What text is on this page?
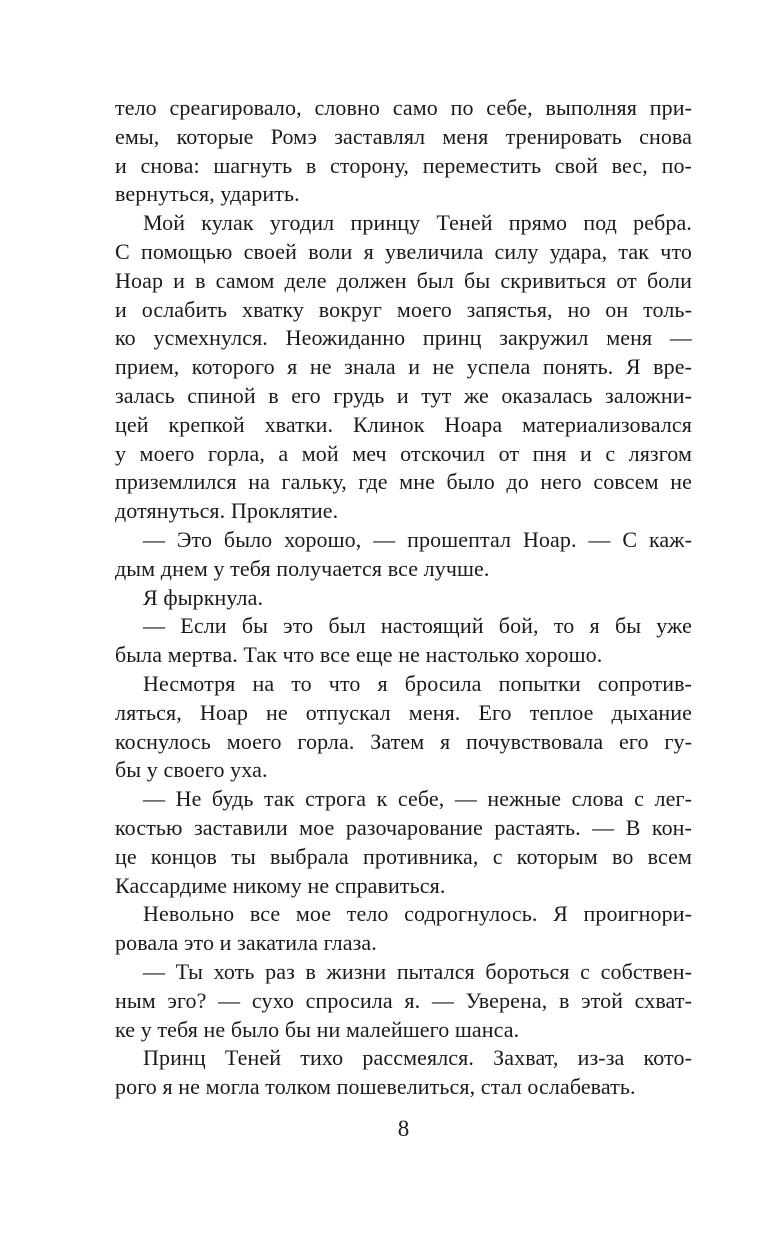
тело среагировало, словно само по себе, выполняя при-
емы, которые Ромэ заставлял меня тренировать снова
и снова: шагнуть в сторону, переместить свой вес, по-
вернуться, ударить.

Мой кулак угодил принцу Теней прямо под ребра.
С помощью своей воли я увеличила силу удара, так что
Ноар и в самом деле должен был бы скривиться от боли
и ослабить хватку вокруг моего запястья, но он толь-
ко усмехнулся. Неожиданно принц закружил меня —
прием, которого я не знала и не успела понять. Я вре-
залась спиной в его грудь и тут же оказалась заложни-
цей крепкой хватки. Клинок Ноара материализовался
у моего горла, а мой меч отскочил от пня и с лязгом
приземлился на гальку, где мне было до него совсем не
дотянуться. Проклятие.

— Это было хорошо, — прошептал Ноар. — С каж-
дым днем у тебя получается все лучше.

Я фыркнула.

— Если бы это был настоящий бой, то я бы уже
была мертва. Так что все еще не настолько хорошо.

Несмотря на то что я бросила попытки сопротив-
ляться, Ноар не отпускал меня. Его теплое дыхание
коснулось моего горла. Затем я почувствовала его гу-
бы у своего уха.

— Не будь так строга к себе, — нежные слова с лег-
костью заставили мое разочарование растаять. — В кон-
це концов ты выбрала противника, с которым во всем
Кассардиме никому не справиться.

Невольно все мое тело содрогнулось. Я проигнори-
ровала это и закатила глаза.

— Ты хоть раз в жизни пытался бороться с собствен-
ным эго? — сухо спросила я. — Уверена, в этой схват-
ке у тебя не было бы ни малейшего шанса.

Принц Теней тихо рассмеялся. Захват, из-за кото-
рого я не могла толком пошевелиться, стал ослабевать.

8
